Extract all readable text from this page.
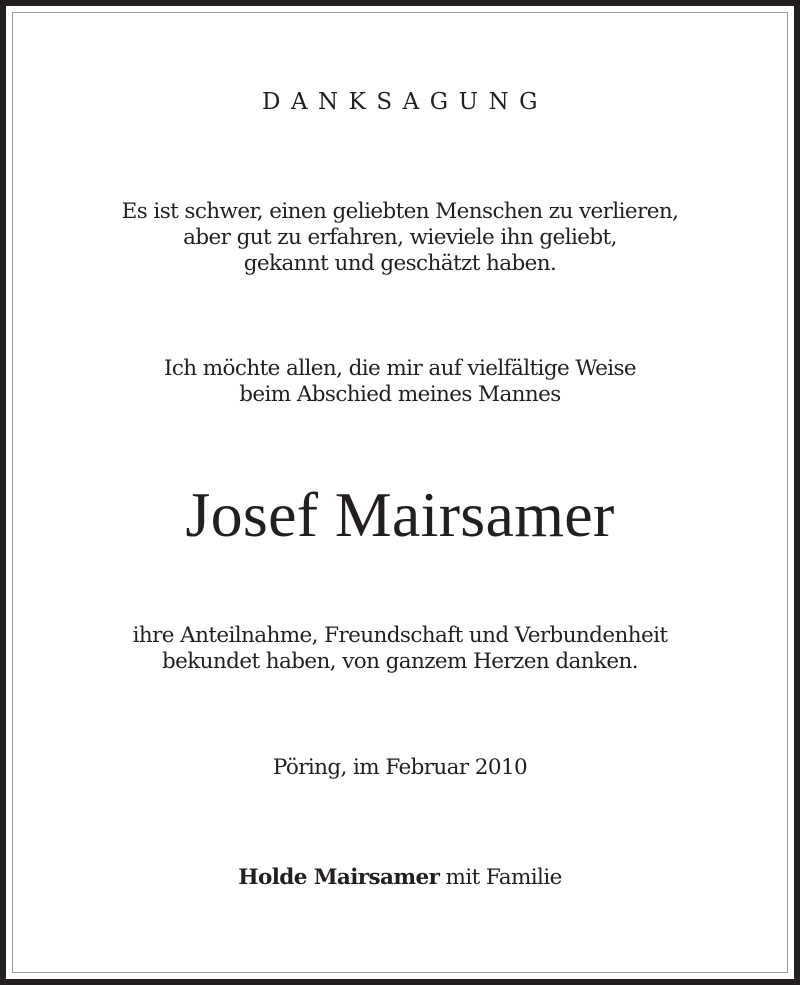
DANKSAGUNG
Es ist schwer, einen geliebten Menschen zu verlieren,
aber gut zu erfahren, wieviele ihn geliebt,
gekannt und geschätzt haben.
Ich möchte allen, die mir auf vielfältige Weise
beim Abschied meines Mannes
Josef Mairsamer
ihre Anteilnahme, Freundschaft und Verbundenheit
bekundet haben, von ganzem Herzen danken.
Pöring, im Februar 2010
Holde Mairsamer mit Familie
